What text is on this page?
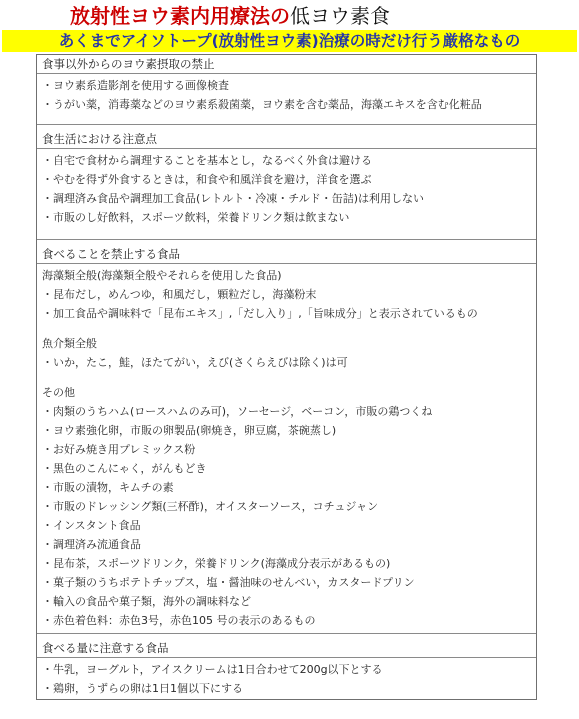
放射性ヨウ素内用療法の低ヨウ素食
あくまでアイソトープ(放射性ヨウ素)治療の時だけ行う厳格なもの
食事以外からのヨウ素摂取の禁止
・ヨウ素系造影剤を使用する画像検査
・うがい薬，消毒薬などのヨウ素系殺菌薬，ヨウ素を含む薬品，海藻エキスを含む化粧品
食生活における注意点
・自宅で食材から調理することを基本とし，なるべく外食は避ける
・やむを得ず外食するときは，和食や和風洋食を避け，洋食を選ぶ
・調理済み食品や調理加工食品(レトルト・冷凍・チルド・缶詰)は利用しない
・市販のし好飲料，スポーツ飲料，栄養ドリンク類は飲まない
食べることを禁止する食品
海藻類全般(海藻類全般やそれらを使用した食品)
・昆布だし，めんつゆ，和風だし，顆粒だし，海藻粉末
・加工食品や調味料で「昆布エキス」,「だし入り」,「旨味成分」と表示されているもの
魚介類全般
・いか，たこ，鮭，ほたてがい，えび(さくらえびは除く)は可
その他
・肉類のうちハム(ロースハムのみ可)，ソーセージ，ベーコン，市販の鶏つくね
・ヨウ素強化卵，市販の卵製品(卵焼き，卵豆腐，茶碗蒸し)
・お好み焼き用プレミックス粉
・黒色のこんにゃく，がんもどき
・市販の漬物，キムチの素
・市販のドレッシング類(三杯酢)，オイスターソース，コチュジャン
・インスタント食品
・調理済み流通食品
・昆布茶，スポーツドリンク，栄養ドリンク(海藻成分表示があるもの)
・菓子類のうちポテトチップス，塩・醤油味のせんべい，カスタードプリン
・輸入の食品や菓子類，海外の調味料など
・赤色着色料：赤色3号，赤色105 号の表示のあるもの
食べる量に注意する食品
・牛乳，ヨーグルト，アイスクリームは1日合わせて200g以下とする
・鶏卵，うずらの卵は1日1個以下にする
